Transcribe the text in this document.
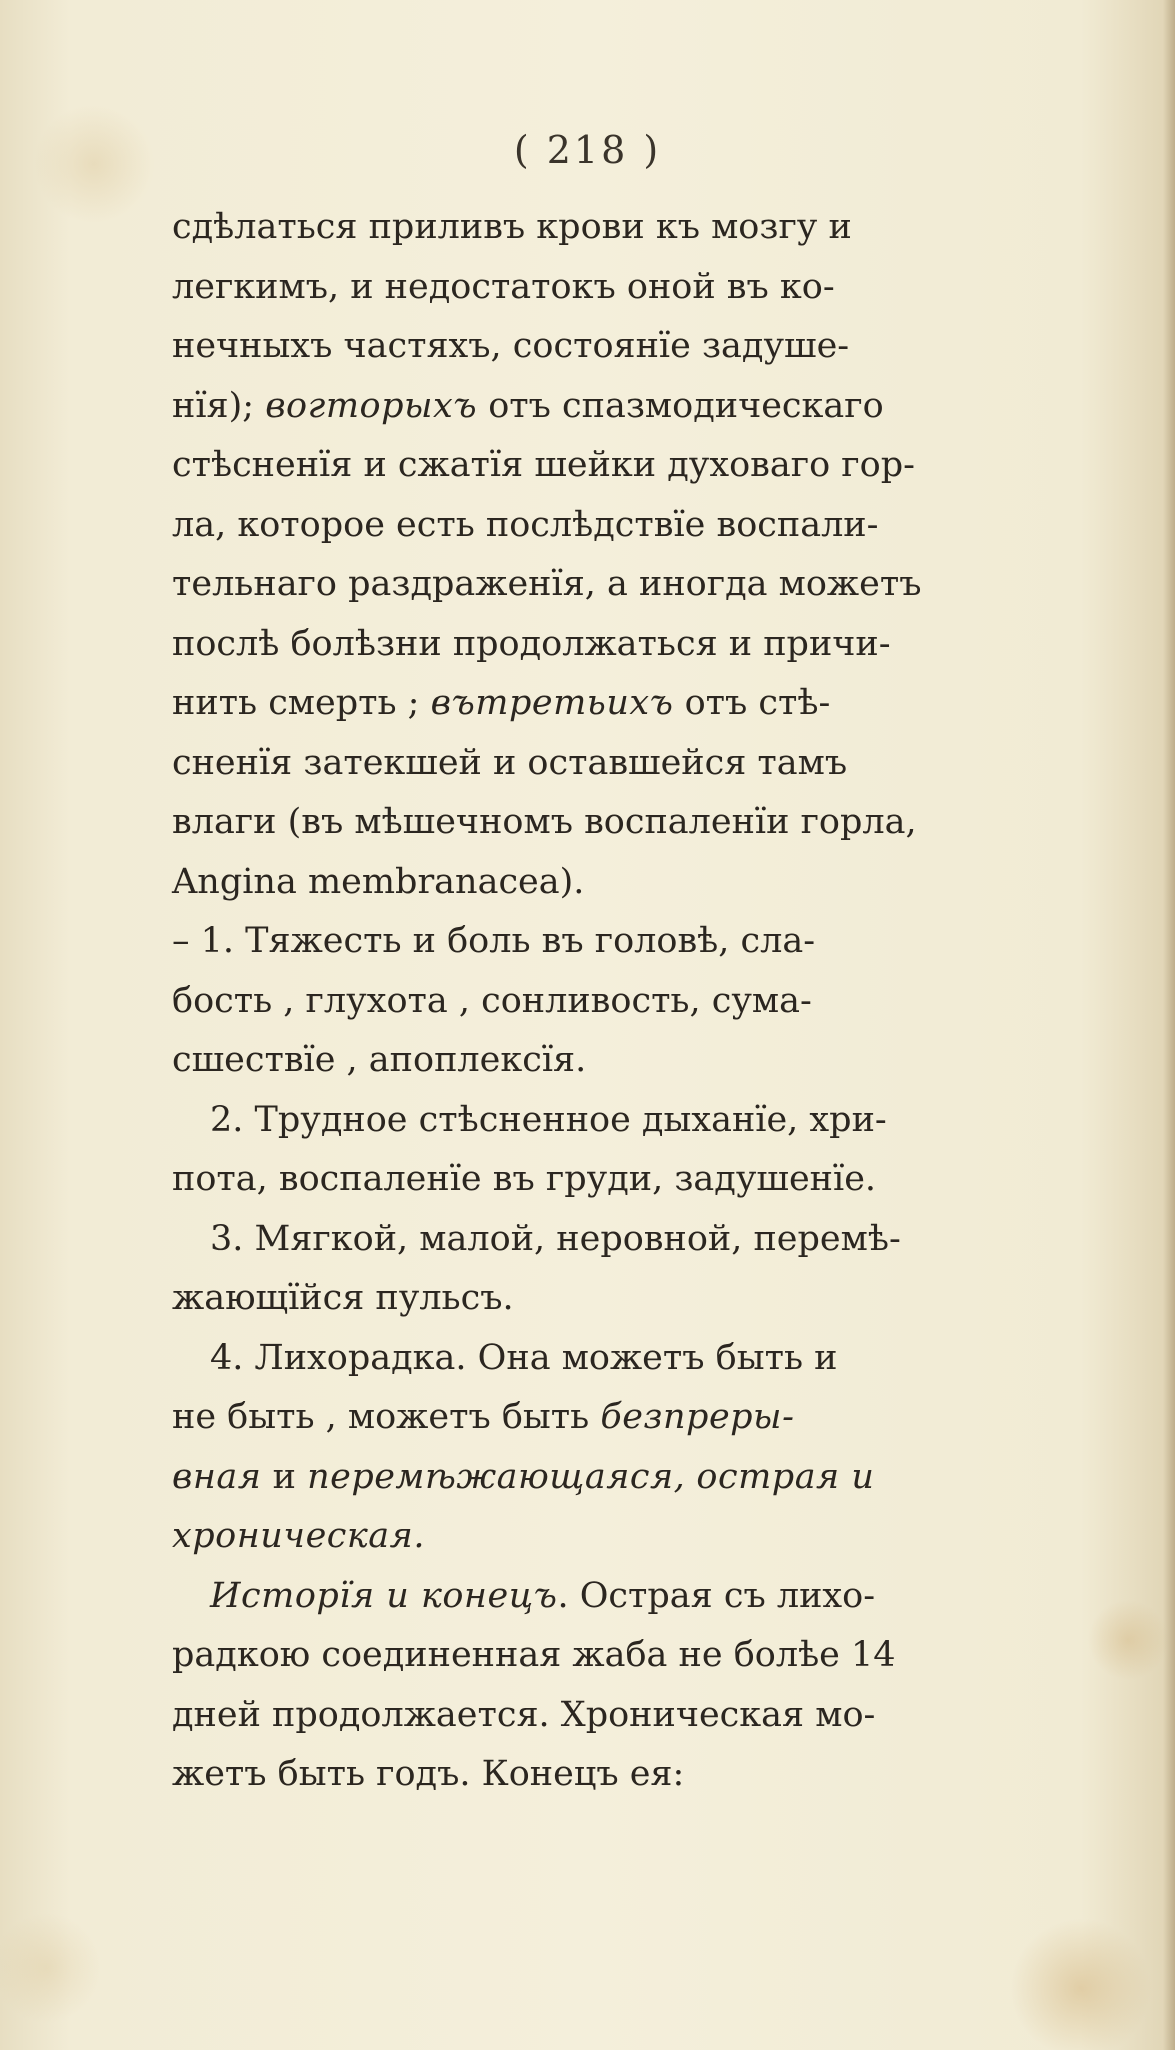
( 218 )
сдѣлаться приливъ крови къ мозгу и
легкимъ, и недостатокъ оной въ ко-
нечныхъ частяхъ, состоянїе задуше-
нїя); вогторыхъ отъ спазмодическаго
стѣсненїя и сжатїя шейки духоваго гор-
ла, которое есть послѣдствїе воспали-
тельнаго раздраженїя, а иногда можетъ
послѣ болѣзни продолжаться и причи-
нить смерть ; вътретьихъ отъ стѣ-
сненїя затекшей и оставшейся тамъ
влаги (въ мѣшечномъ воспаленїи горла,
Angina membranacea).
– 1. Тяжесть и боль въ головѣ, сла-
бость , глухота , сонливость, сума-
сшествїе , апоплексїя.
2. Трудное стѣсненное дыханїе, хри-
пота, воспаленїе въ груди, задушенїе.
3. Мягкой, малой, неровной, перемѣ-
жающїйся пульсъ.
4. Лихорадка. Она можетъ быть и
не быть , можетъ быть безпреры-
вная и перемѣжающаяся,
острая и
хроническая.
Исторїя и конецъ . Острая съ лихо-
радкою соединенная жаба не болѣе 14
дней продолжается. Хроническая мо-
жетъ быть годъ. Конецъ ея:
